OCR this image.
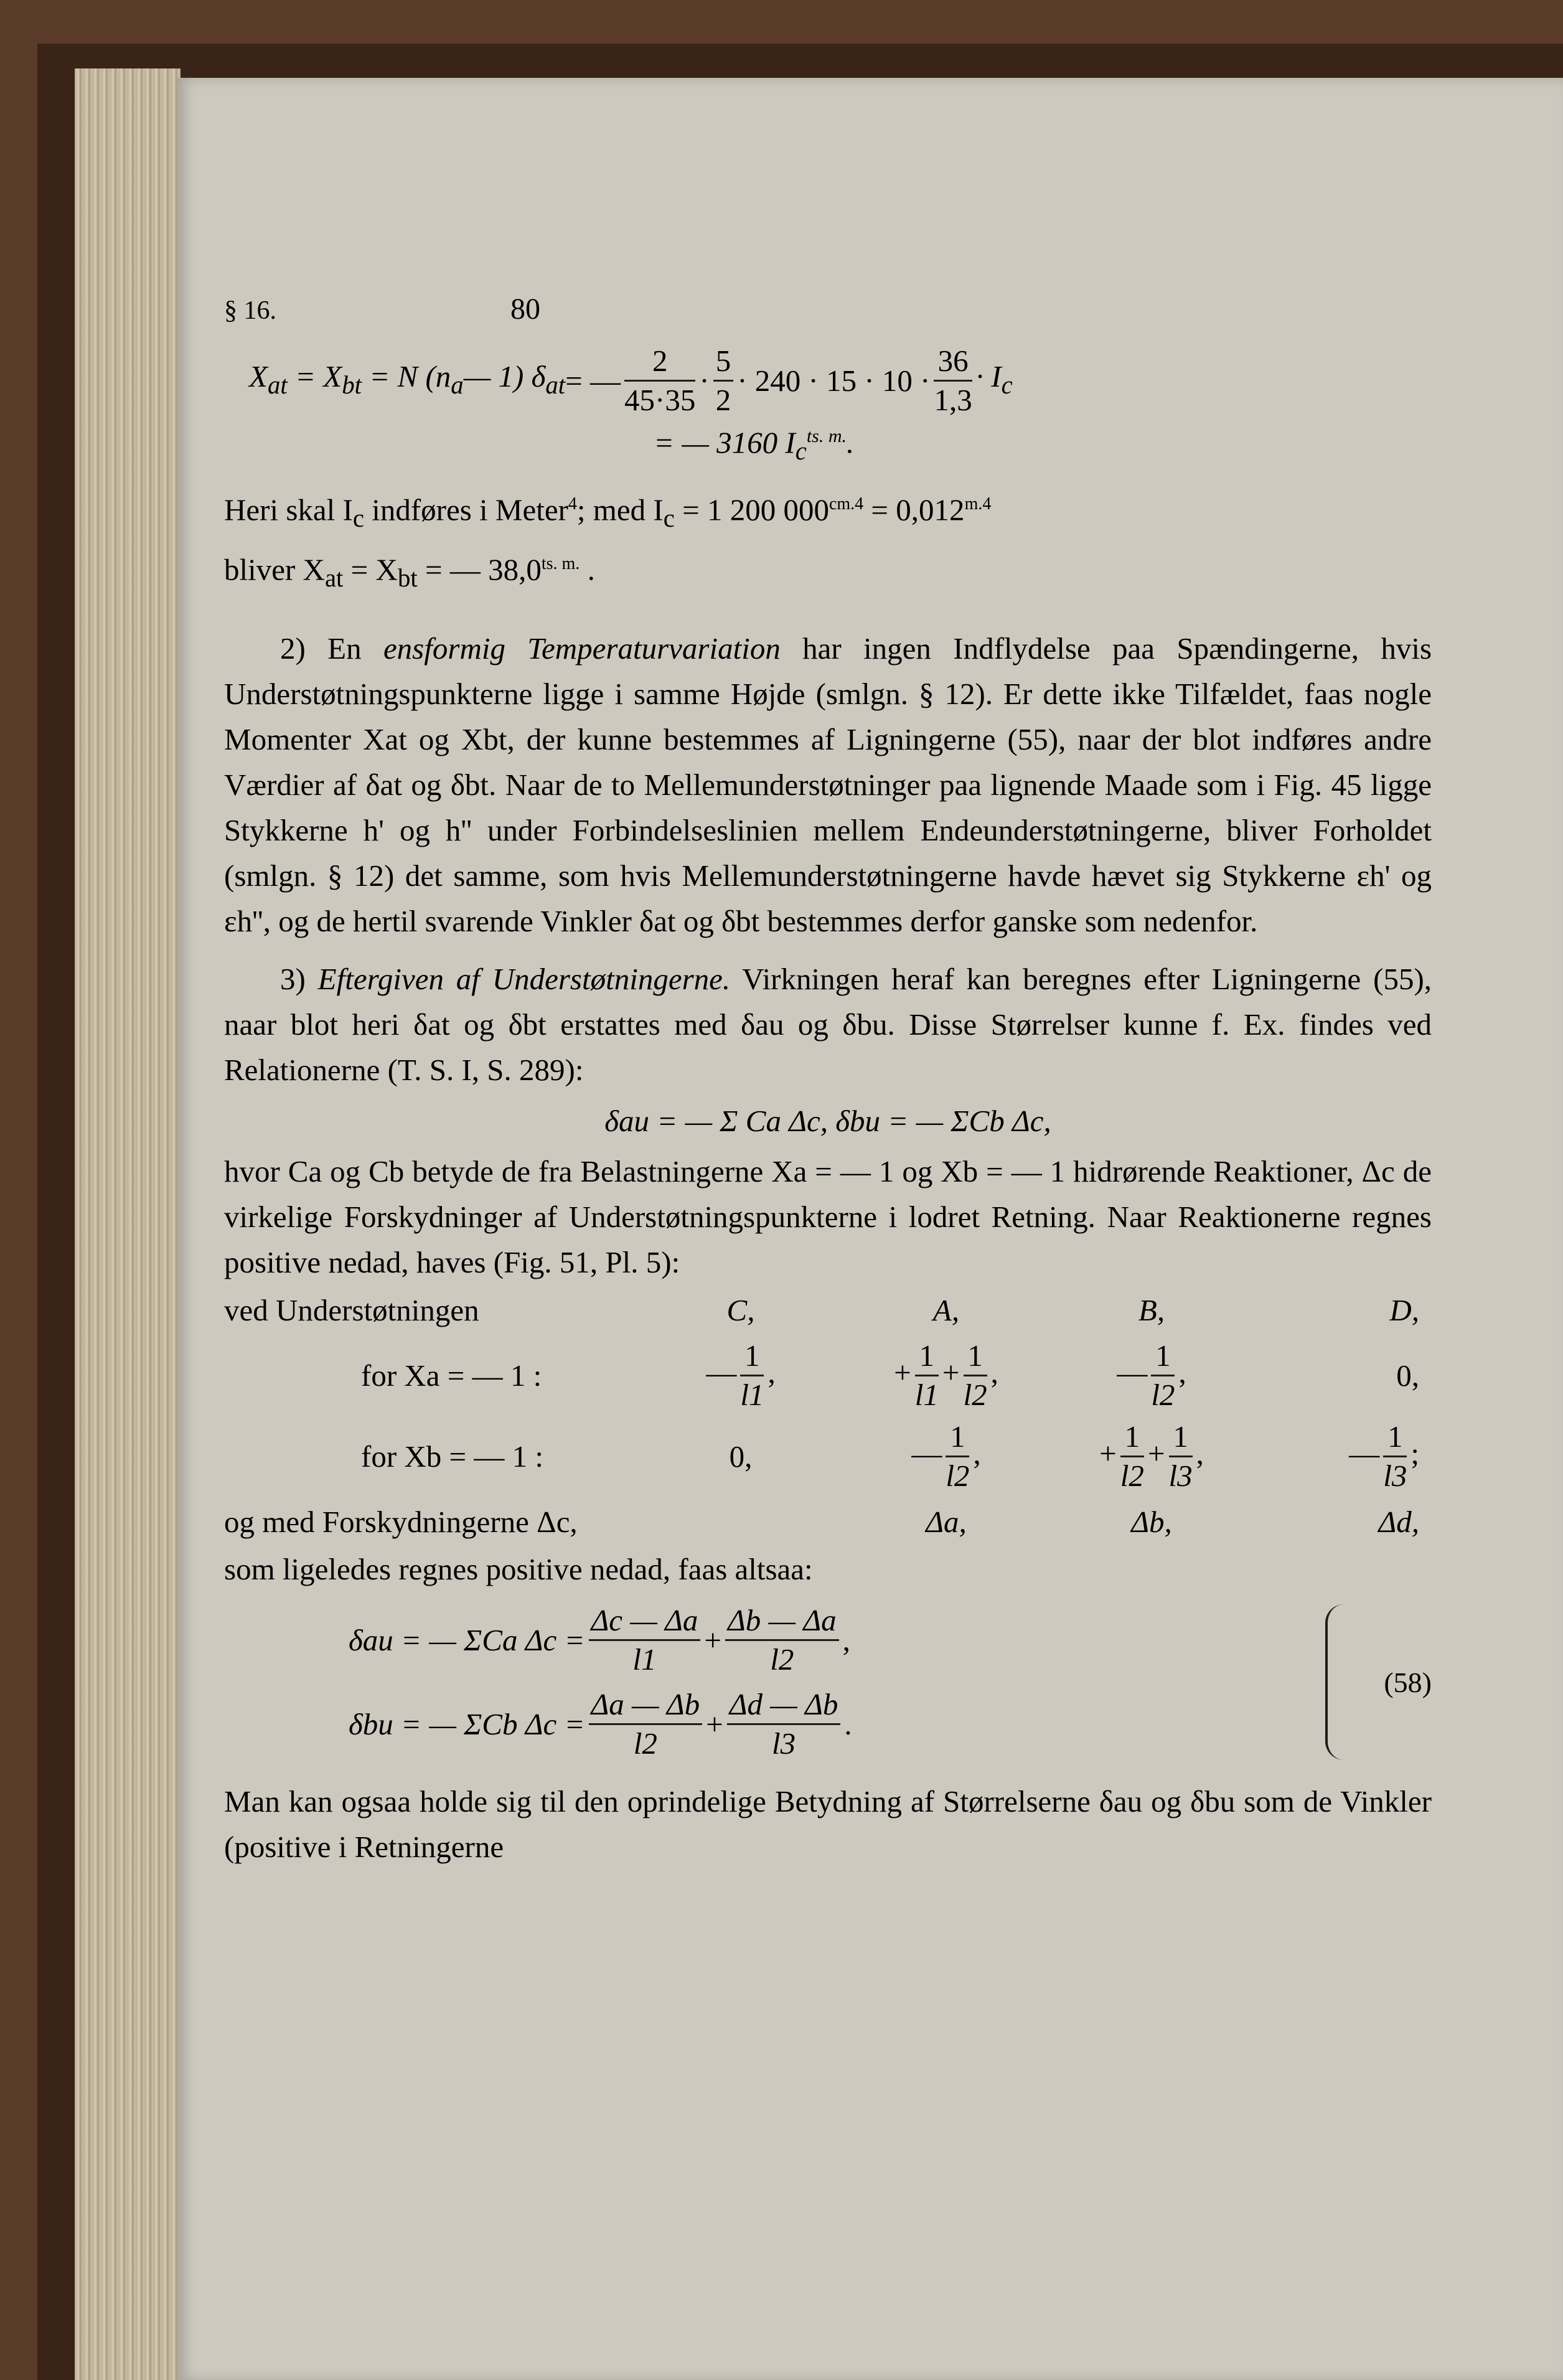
§ 16.	80
$X_{at}$
= $X_{bt}$
= N ($n_a$ — 1) $\delta_{at}$ = — $\frac{2}{45\cdot 35} \cdot \frac{5}{2} \cdot 240 \cdot 15 \cdot 10 \cdot \frac{36}{1,3} \cdot I_c$
= — 3160 $I_c^{ts. m.}$.

Heri skal $I_c$ indføres i Meter$^4$; med $I_c = 1$ 200 $000^{cm.4} = 0,012^{m.4}$

bliver $X_{at} = X_{bt}$ = — $38,0^{ts. m.}$ .

2) En ensformig Temperaturvariation har ingen Indflydelse paa Spændingerne, hvis Understøtningspunkterne ligge i samme Højde (smlgn. § 12). Er dette ikke Tilfældet, faas nogle Momenter Xat og Xbt, der kunne bestemmes af Ligningerne (55), naar der blot indføres andre Værdier af δat og δbt. Naar de to Mellemunderstøtninger paa lignende Maade som i Fig. 45 ligge Stykkerne h' og h'' under Forbindelseslinien mellem Endeunderstøtningerne, bliver Forholdet (smlgn. § 12) det samme, som hvis Mellemunderstøtningerne havde hævet sig Stykkerne εh' og εh'', og de hertil svarende Vinkler δat og δbt bestemmes derfor ganske som nedenfor.

3) Eftergiven af Understøtningerne. Virkningen heraf kan beregnes efter Ligningerne (55), naar blot heri δat og δbt erstattes med δau og δbu. Disse Størrelser kunne f. Ex. findes ved Relationerne (T. S. I, S. 289):

δau = — Σ Ca Δc, δbu = — ΣCb Δc,

hvor Ca og Cb betyde de fra Belastningerne Xa = — 1 og Xb = — 1 hidrørende Reaktioner, Δc de virkelige Forskydninger af Understøtningspunkterne i lodret Retning. Naar Reaktionerne regnes positive nedad, haves (Fig. 51, Pl. 5):

ved Understøtningen	C,	A,	B,	D,
for Xa = — 1 :	— $\frac{1}{l1}$ ,	+ $\frac{1}{l1} + \frac{1}{l2}$ ,	— $\frac{1}{l2}$ ,	0,
for Xb = — 1 :	0,	— $\frac{1}{l2}$ ,	+ $\frac{1}{l2} + \frac{1}{l3}$ ,	— $\frac{1}{l3}$ ;
og med Forskydningerne Δc,	Δa,	Δb,	Δd,

som ligeledes regnes positive nedad, faas altsaa:

δau = — ΣCa $\Delta c = \frac{\Delta c — \Delta a}{l1} + \frac{\Delta b — \Delta a}{l2}$ ,
δbu = — ΣCb $\Delta c = \frac{\Delta a — \Delta b}{l2} + \frac{\Delta d — \Delta b}{l3}$ .
(58)

Man kan ogsaa holde sig til den oprindelige Betydning af Størrelserne δau og δbu som de Vinkler (positive i Retningerne
